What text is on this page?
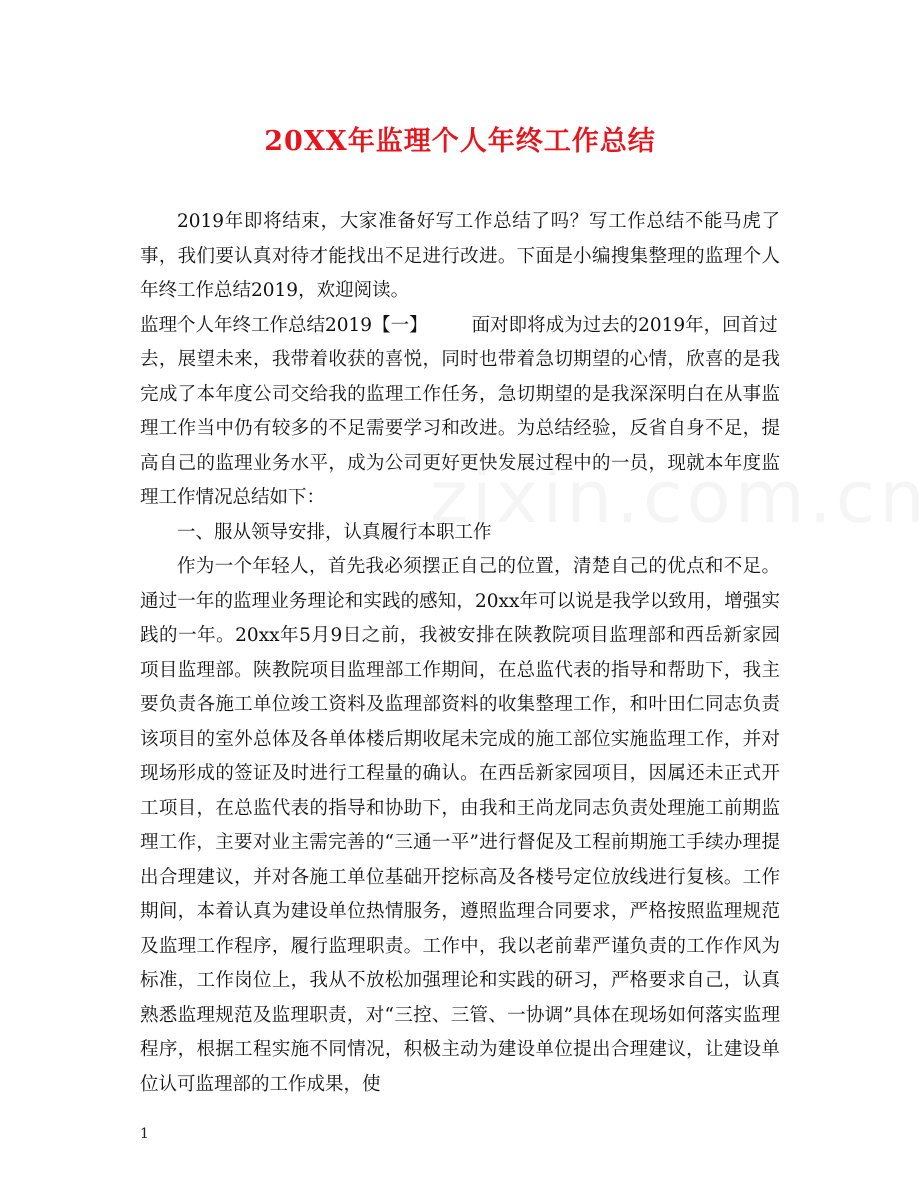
20XX年监理个人年终工作总结

2019年即将结束，大家准备好写工作总结了吗？写工作总结不能马虎了事，我们要认真对待才能找出不足进行改进。下面是小编搜集整理的监理个人年终工作总结2019，欢迎阅读。

监理个人年终工作总结2019【一】 面对即将成为过去的2019年，回首过

去，展望未来，我带着收获的喜悦，同时也带着急切期望的心情，欣喜的是我完成了本年度公司交给我的监理工作任务，急切期望的是我深深明白在从事监理工作当中仍有较多的不足需要学习和改进。为总结经验，反省自身不足，提高自己的监理业务水平，成为公司更好更快发展过程中的一员，现就本年度监理工作情况总结如下：

一、服从领导安排，认真履行本职工作

作为一个年轻人，首先我必须摆正自己的位置，清楚自己的优点和不足。通过一年的监理业务理论和实践的感知，20xx年可以说是我学以致用，增强实践的一年。20xx年5月9日之前，我被安排在陕教院项目监理部和西岳新家园项目监理部。陕教院项目监理部工作期间，在总监代表的指导和帮助下，我主要负责各施工单位竣工资料及监理部资料的收集整理工作，和叶田仁同志负责该项目的室外总体及各单体楼后期收尾未完成的施工部位实施监理工作，并对现场形成的签证及时进行工程量的确认。在西岳新家园项目，因属还未正式开工项目，在总监代表的指导和协助下，由我和王尚龙同志负责处理施工前期监理工作，主要对业主需完善的“三通一平”进行督促及工程前期施工手续办理提出合理建议，并对各施工单位基础开挖标高及各楼号定位放线进行复核。工作期间，本着认真为建设单位热情服务，遵照监理合同要求，严格按照监理规范及监理工作程序，履行监理职责。工作中，我以老前辈严谨负责的工作作风为标准，工作岗位上，我从不放松加强理论和实践的研习，严格要求自己，认真熟悉监理规范及监理职责，对“三控、三管、一协调”具体在现场如何落实监理程序，根据工程实施不同情况，积极主动为建设单位提出合理建议，让建设单位认可监理部的工作成果，使

1
